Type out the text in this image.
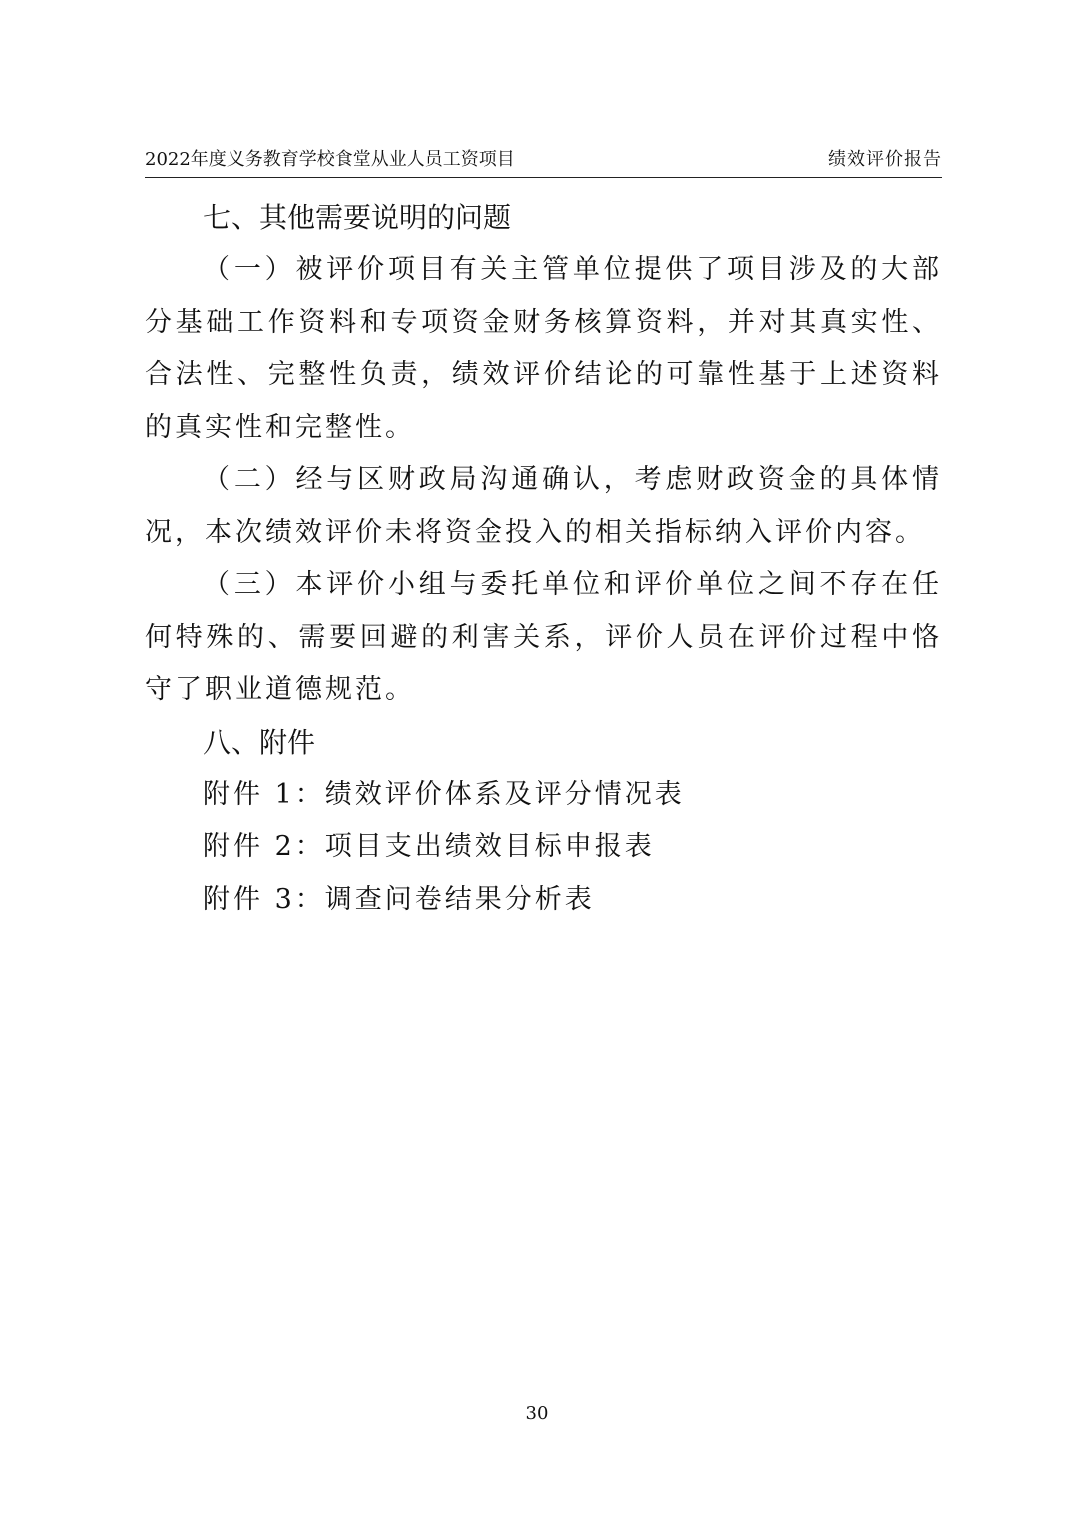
2022年度义务教育学校食堂从业人员工资项目	绩效评价报告
七、其他需要说明的问题

（一）被评价项目有关主管单位提供了项目涉及的大部分基础工作资料和专项资金财务核算资料，并对其真实性、合法性、完整性负责，绩效评价结论的可靠性基于上述资料的真实性和完整性。

（二）经与区财政局沟通确认，考虑财政资金的具体情况，本次绩效评价未将资金投入的相关指标纳入评价内容。

（三）本评价小组与委托单位和评价单位之间不存在任何特殊的、需要回避的利害关系，评价人员在评价过程中恪守了职业道德规范。

八、附件

附件 1：绩效评价体系及评分情况表

附件 2：项目支出绩效目标申报表

附件 3：调查问卷结果分析表

30
